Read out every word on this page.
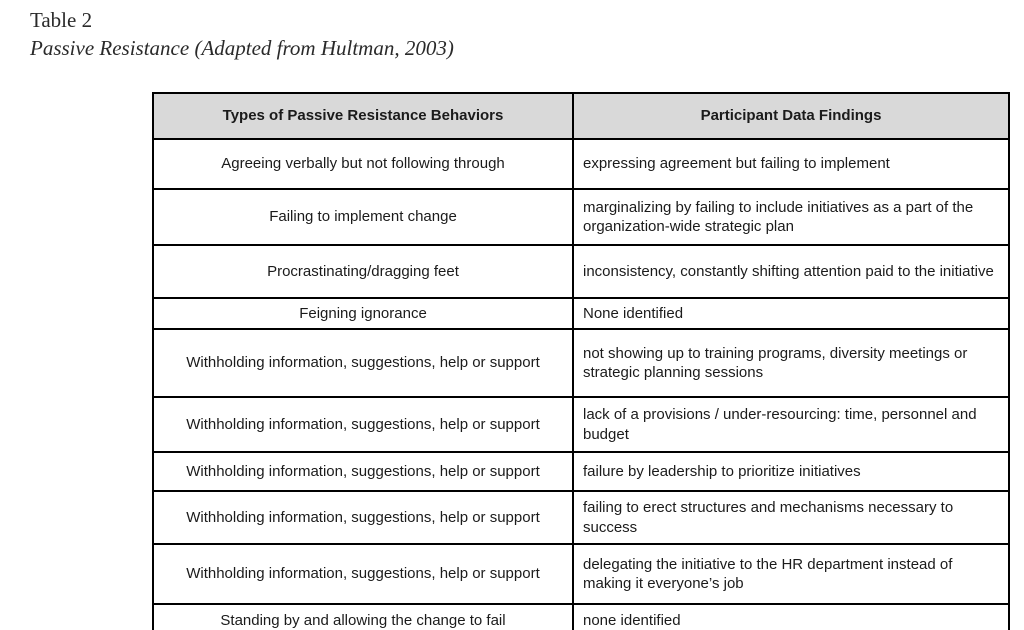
Table 2
Passive Resistance (Adapted from Hultman, 2003)
Types of Passive Resistance Behaviors	Participant Data Findings
Agreeing verbally but not following through	expressing agreement but failing to implement
Failing to implement change	marginalizing by failing to include initiatives as a part of the organization-wide strategic plan
Procrastinating/dragging feet	inconsistency, constantly shifting attention paid to the initiative
Feigning ignorance	None identified
Withholding information, suggestions, help or support	not showing up to training programs, diversity meetings or strategic planning sessions
Withholding information, suggestions, help or support	lack of a provisions / under-resourcing: time, personnel and budget
Withholding information, suggestions, help or support	failure by leadership to prioritize initiatives
Withholding information, suggestions, help or support	failing to erect structures and mechanisms necessary to success
Withholding information, suggestions, help or support	delegating the initiative to the HR department instead of making it everyone’s job
Standing by and allowing the change to fail	none identified
